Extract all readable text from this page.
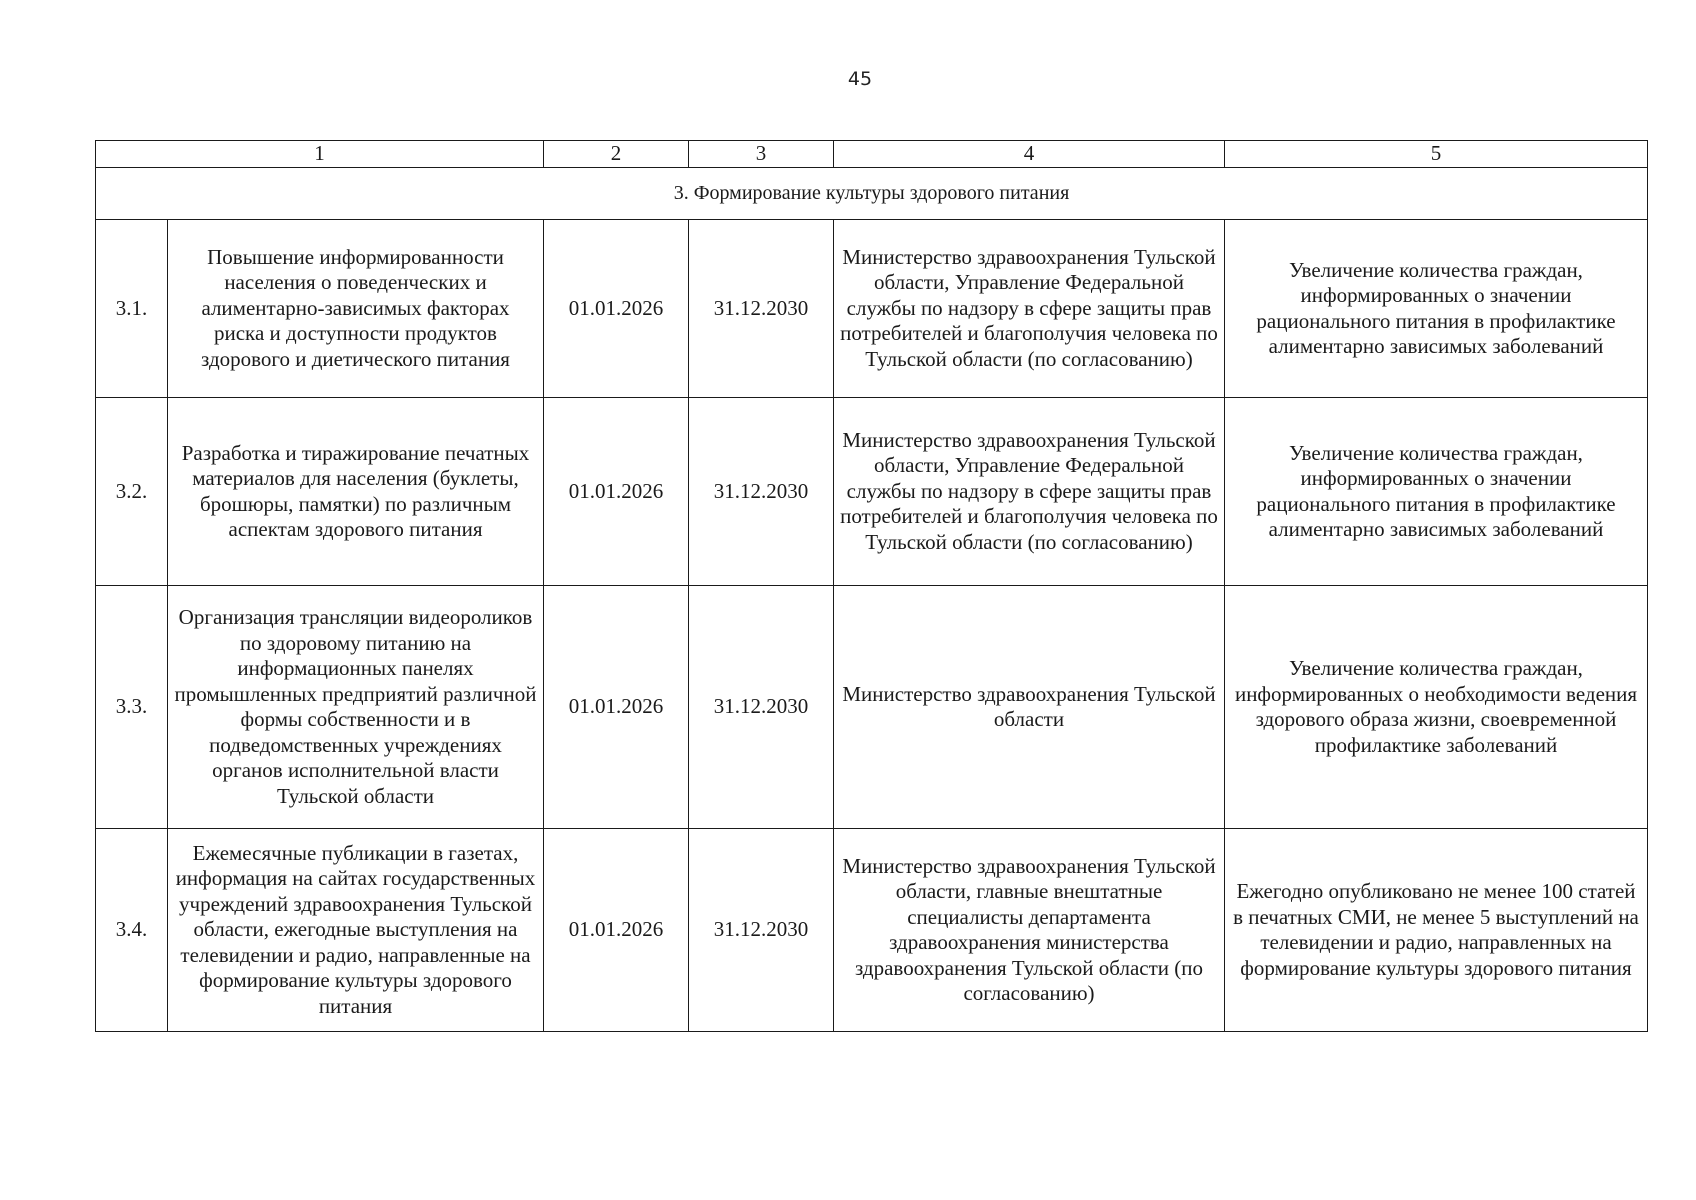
45
1		2	3	4	5
3. Формирование культуры здорового питания					
3.1.	Повышение информированности населения о поведенческих и алиментарно-зависимых факторах риска и доступности продуктов здорового и диетического питания	01.01.2026	31.12.2030	Министерство здравоохранения Тульской области, Управление Федеральной службы по надзору в сфере защиты прав потребителей и благополучия человека по Тульской области (по согласованию)	Увеличение количества граждан, информированных о значении рационального питания в профилактике алиментарно зависимых заболеваний
3.2.	Разработка и тиражирование печатных материалов для населения (буклеты, брошюры, памятки) по различным аспектам здорового питания	01.01.2026	31.12.2030	Министерство здравоохранения Тульской области, Управление Федеральной службы по надзору в сфере защиты прав потребителей и благополучия человека по Тульской области (по согласованию)	Увеличение количества граждан, информированных о значении рационального питания в профилактике алиментарно зависимых заболеваний
3.3.	Организация трансляции видеороликов по здоровому питанию на информационных панелях промышленных предприятий различной формы собственности и в подведомственных учреждениях органов исполнительной власти Тульской области	01.01.2026	31.12.2030	Министерство здравоохранения Тульской области	Увеличение количества граждан, информированных о необходимости ведения здорового образа жизни, своевременной профилактике заболеваний
3.4.	Ежемесячные публикации в газетах, информация на сайтах государственных учреждений здравоохранения Тульской области, ежегодные выступления на телевидении и радио, направленные на формирование культуры здорового питания	01.01.2026	31.12.2030	Министерство здравоохранения Тульской области, главные внештатные специалисты департамента здравоохранения министерства здравоохранения Тульской области (по согласованию)	Ежегодно опубликовано не менее 100 статей в печатных СМИ, не менее 5 выступлений на телевидении и радио, направленных на формирование культуры здорового питания
